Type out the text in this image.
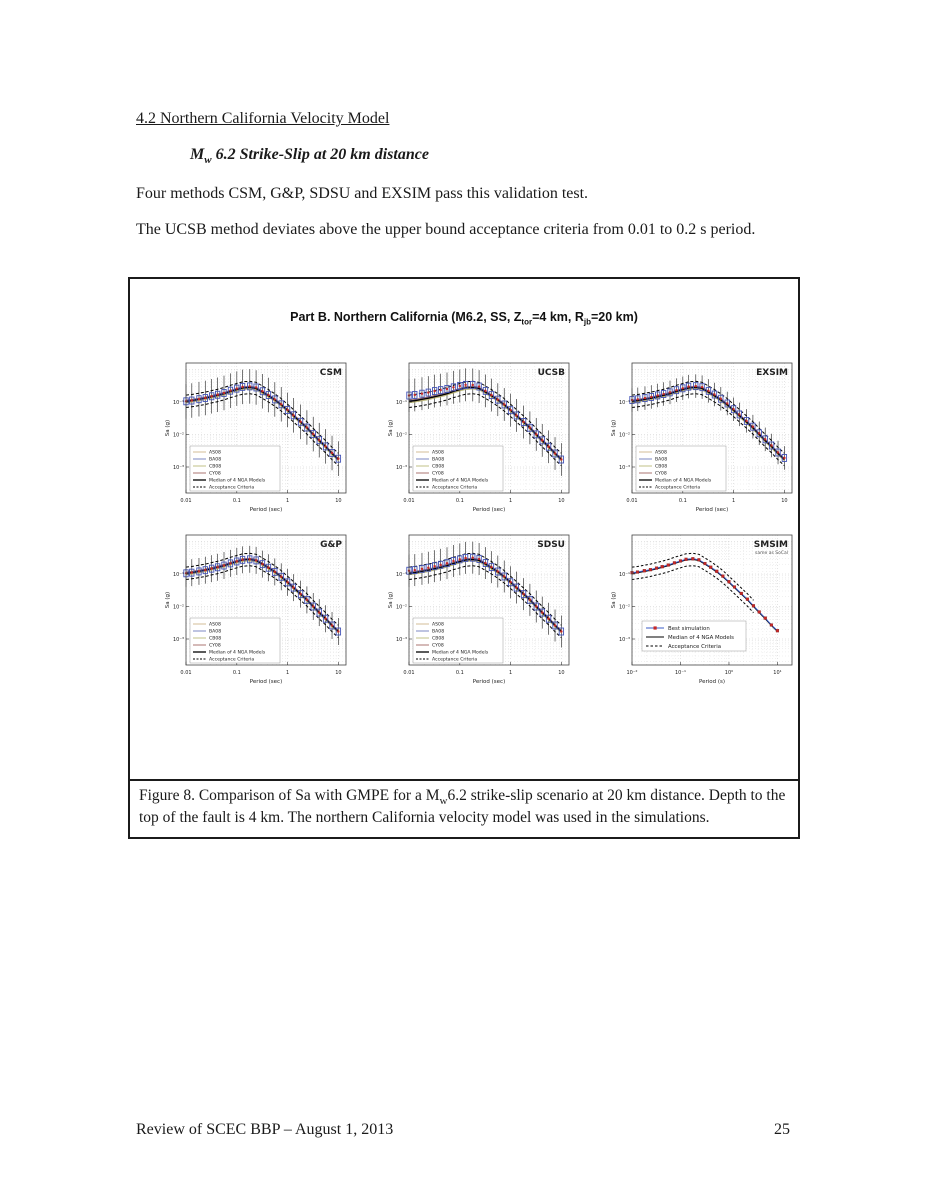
4.2 Northern California Velocity Model
$M_w$ 6.2 Strike-Slip at 20 km distance
Four methods CSM, G&P, SDSU and EXSIM pass this validation test.
The UCSB method deviates above the upper bound acceptance criteria from 0.01 to 0.2 s period.
Part B. Northern California (M6.2, SS, $Z_{tor}=4$ km, $R_{jb}=20$ km)
0.01	0.1	1	10
10⁻¹
10⁻²
10⁻³
Period (sec)
Sa (g)
CSM
AS08
BA08
CB08
CY08
Median of 4 NGA Models
Acceptance Criteria
0.01	0.1	1	10
10⁻¹
10⁻²
10⁻³
Period (sec)
Sa (g)
UCSB
AS08
BA08
CB08
CY08
Median of 4 NGA Models
Acceptance Criteria
0.01	0.1	1	10
10⁻¹
10⁻²
10⁻³
Period (sec)
Sa (g)
EXSIM
AS08
BA08
CB08
CY08
Median of 4 NGA Models
Acceptance Criteria
0.01	0.1	1	10
10⁻¹
10⁻²
10⁻³
Period (sec)
Sa (g)
G&P
AS08
BA08
CB08
CY08
Median of 4 NGA Models
Acceptance Criteria
0.01	0.1	1	10
10⁻¹
10⁻²
10⁻³
Period (sec)
Sa (g)
SDSU
AS08
BA08
CB08
CY08
Median of 4 NGA Models
Acceptance Criteria
10⁻²	10⁻¹	10⁰	10¹
10⁻¹
10⁻²
10⁻³
Period (s)
Sa (g)
SMSIM
same as SoCal
Best simulation
Median of 4 NGA Models
Acceptance Criteria
Figure 8. Comparison of Sa with GMPE for a $M_w6.2$ strike-slip scenario at 20 km distance. Depth to the top of the fault is 4 km. The northern California velocity model was used in the simulations.
Review of SCEC BBP – August 1, 2013	25
